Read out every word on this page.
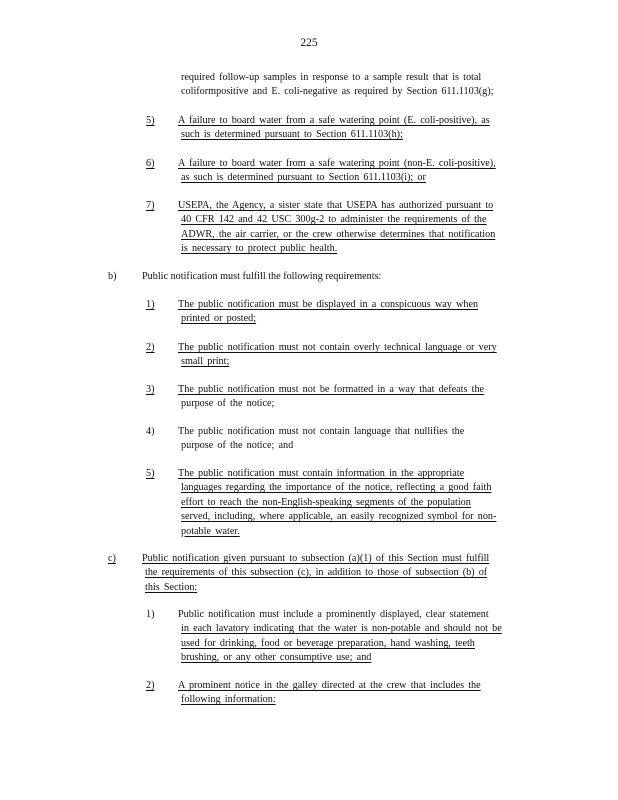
225
required follow-up samples in response to a sample result that is total
coliformpositive and E. coli-negative as required by Section 611.1103(g);
5) A failure to board water from a safe watering point (E. coli-positive), as
such is determined pursuant to Section 611.1103(h);
6) A failure to board water from a safe watering point (non-E. coli-positive),
as such is determined pursuant to Section 611.1103(i); or
7) USEPA, the Agency, a sister state that USEPA has authorized pursuant to
40 CFR 142 and 42 USC 300g-2 to administer the requirements of the
ADWR, the air carrier, or the crew otherwise determines that notification
is necessary to protect public health.
b)	Public notification must fulfill the following requirements:
1) The public notification must be displayed in a conspicuous way when
printed or posted;
2) The public notification must not contain overly technical language or very
small print;
3) The public notification must not be formatted in a way that defeats the
purpose of the notice;
4) The public notification must not contain language that nullifies the
purpose of the notice; and
5) The public notification must contain information in the appropriate
languages regarding the importance of the notice, reflecting a good faith
effort to reach the non-English-speaking segments of the population
served, including, where applicable, an easily recognized symbol for non-
potable water.
c)	Public notification given pursuant to subsection (a)(1) of this Section must fulfill
the requirements of this subsection (c), in addition to those of subsection (b) of
this Section:
1) Public notification must include a prominently displayed, clear statement
in each lavatory indicating that the water is non-potable and should not be
used for drinking, food or beverage preparation, hand washing, teeth
brushing, or any other consumptive use; and
2) A prominent notice in the galley directed at the crew that includes the
following information:
